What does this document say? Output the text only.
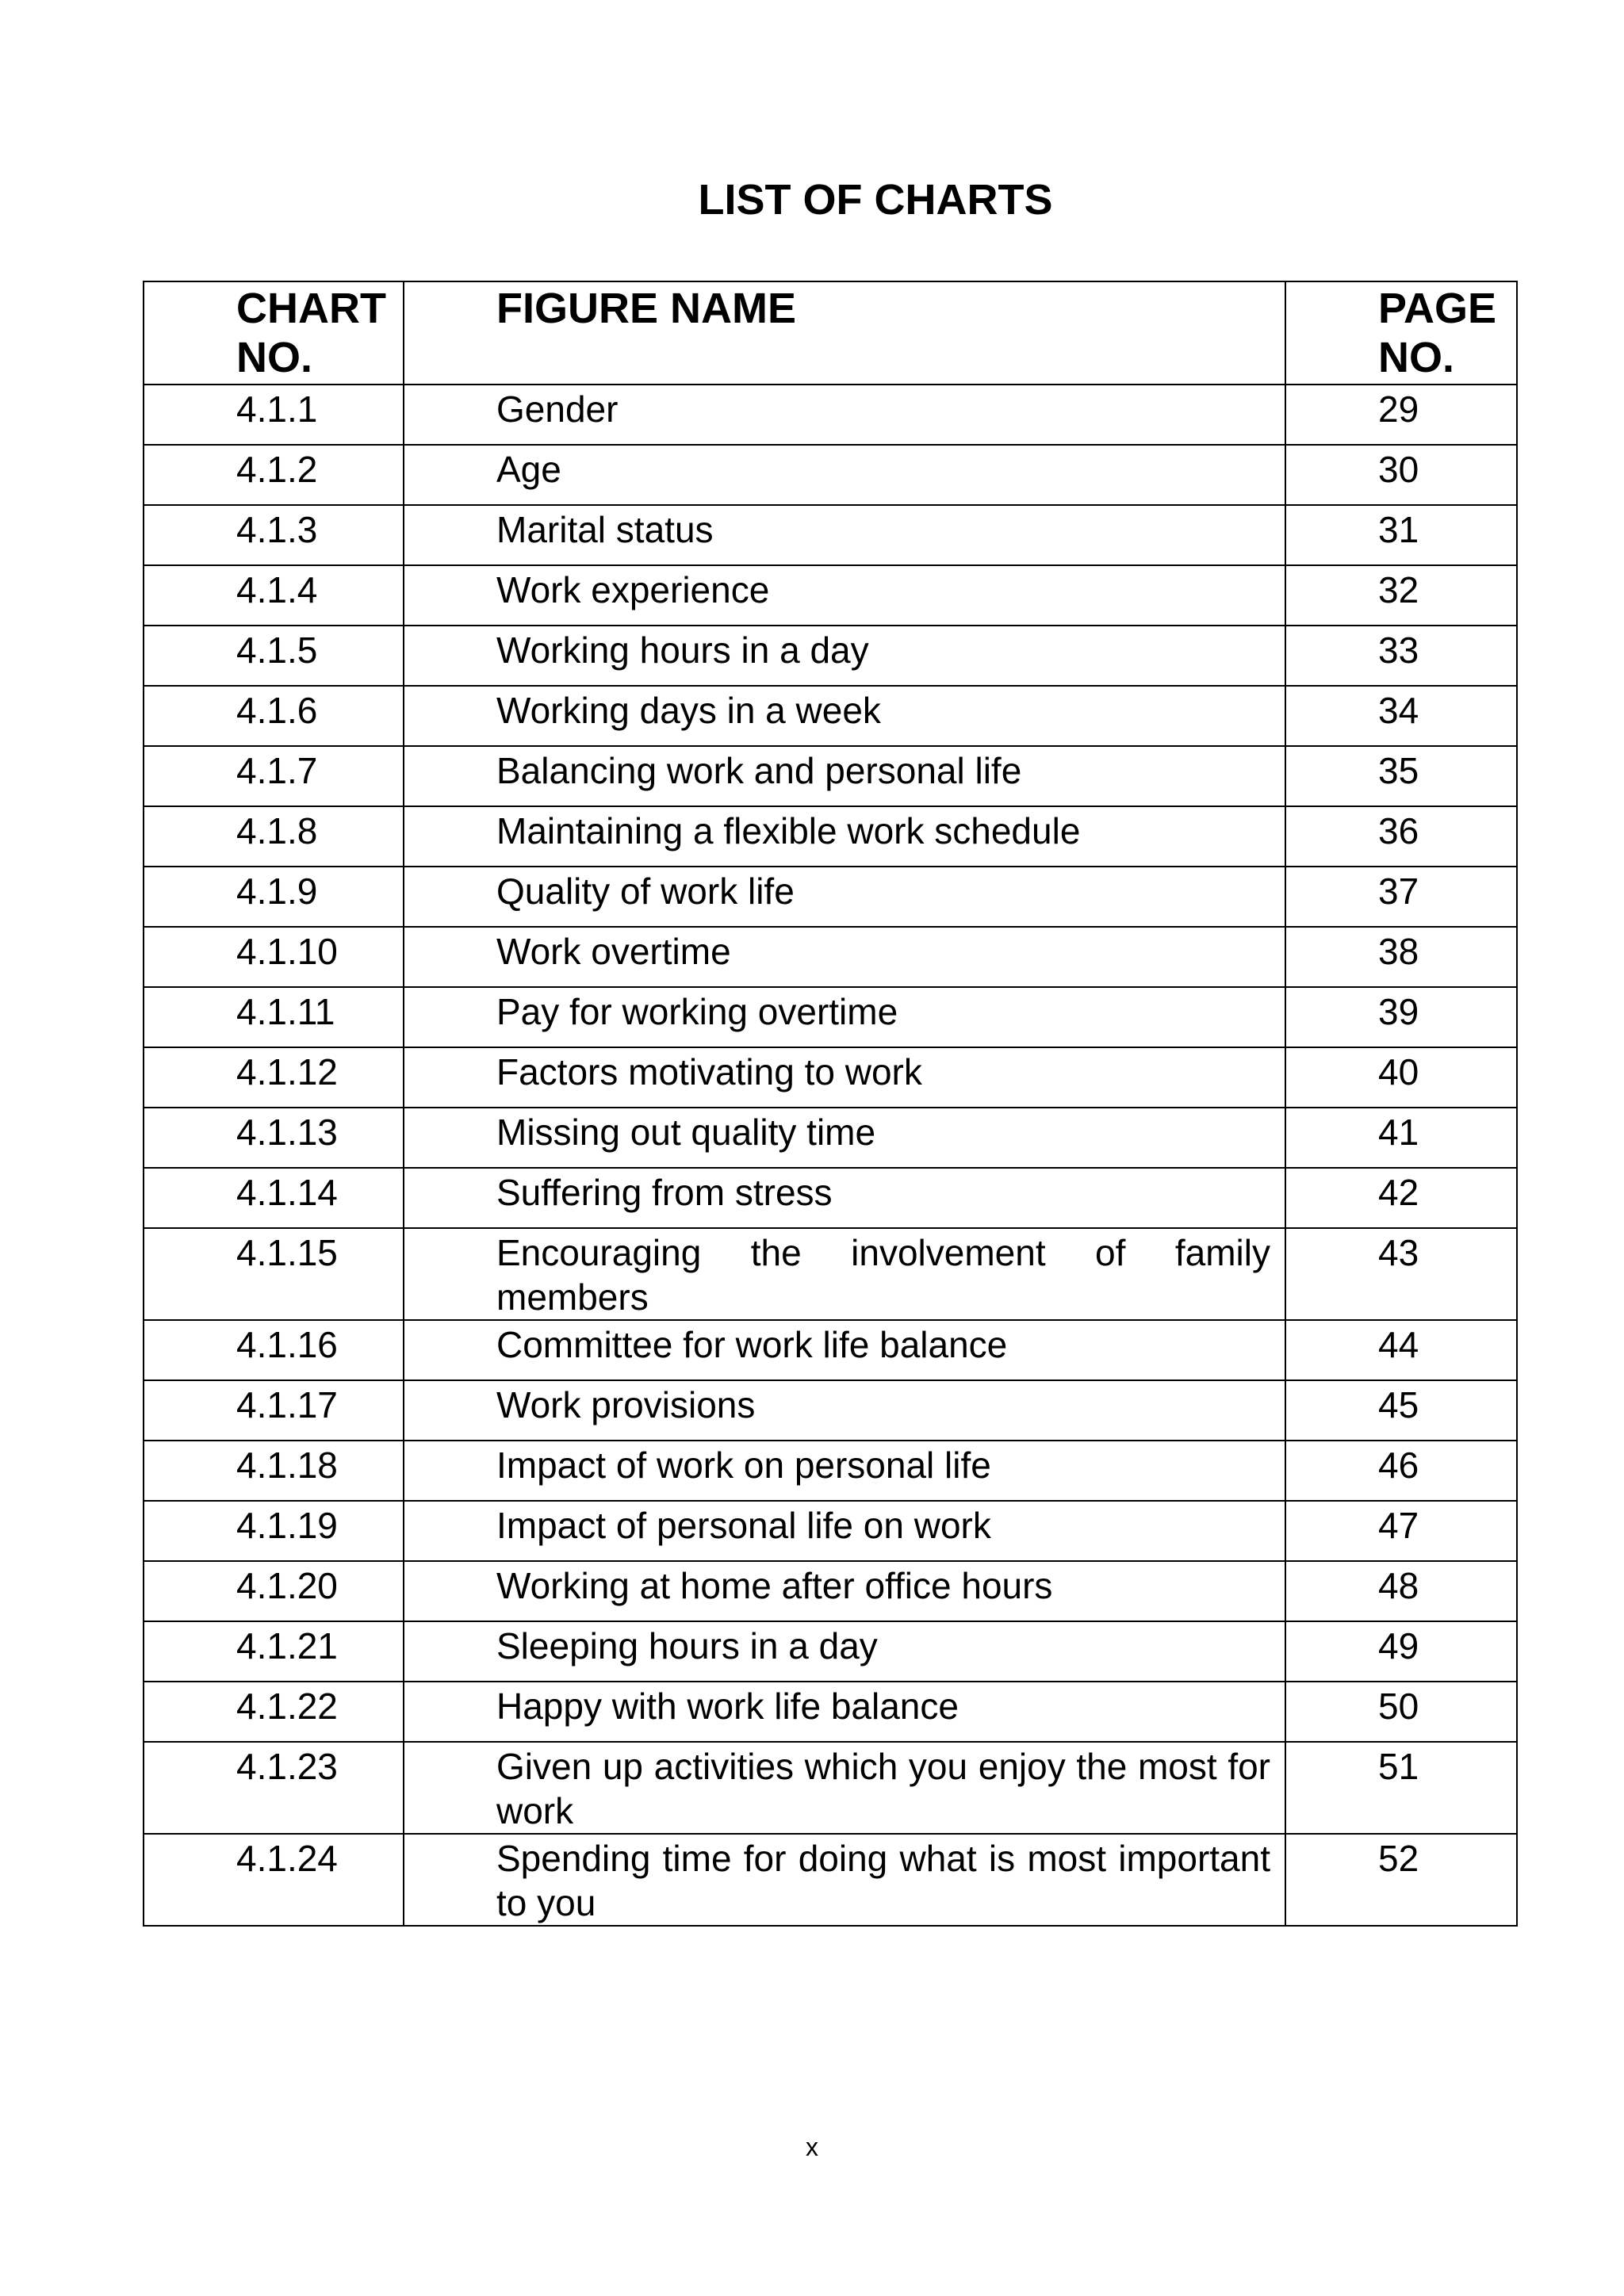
LIST OF CHARTS
CHART NO.	FIGURE NAME	PAGE NO.
4.1.1	Gender	29
4.1.2	Age	30
4.1.3	Marital status	31
4.1.4	Work experience	32
4.1.5	Working hours in a day	33
4.1.6	Working days in a week	34
4.1.7	Balancing work and personal life	35
4.1.8	Maintaining a flexible work schedule	36
4.1.9	Quality of work life	37
4.1.10	Work overtime	38
4.1.11	Pay for working overtime	39
4.1.12	Factors motivating to work	40
4.1.13	Missing out quality time	41
4.1.14	Suffering from stress	42
4.1.15	Encouraging the involvement of family members	43
4.1.16	Committee for work life balance	44
4.1.17	Work provisions	45
4.1.18	Impact of work on personal life	46
4.1.19	Impact of personal life on work	47
4.1.20	Working at home after office hours	48
4.1.21	Sleeping hours in a day	49
4.1.22	Happy with work life balance	50
4.1.23	Given up activities which you enjoy the most for work	51
4.1.24	Spending time for doing what is most important to you	52
x
